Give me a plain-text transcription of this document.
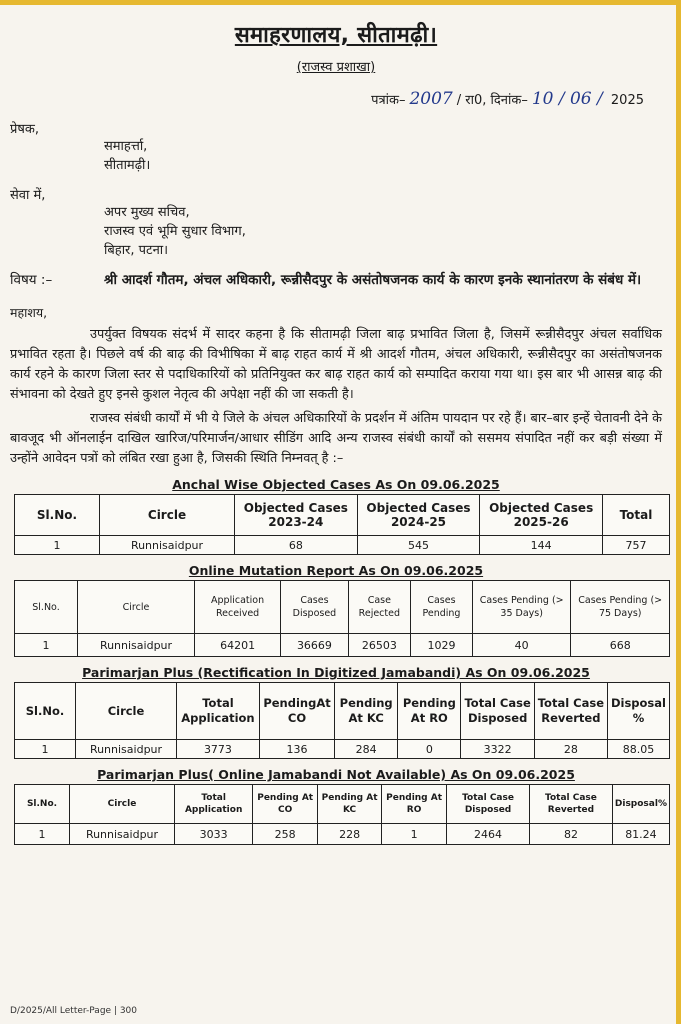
समाहरणालय, सीतामढ़ी।
(राजस्व प्रशाखा)
पत्रांक– 2007 / रा0, दिनांक– 10 / 06 / 2025
प्रेषक,
समाहर्त्ता,
सीतामढ़ी।
सेवा में,
अपर मुख्य सचिव,
राजस्व एवं भूमि सुधार विभाग,
बिहार, पटना।
विषय :–	श्री आदर्श गौतम, अंचल अधिकारी, रून्नीसैदपुर के असंतोषजनक कार्य के कारण इनके स्थानांतरण के संबंध में।
महाशय,

उपर्युक्त विषयक संदर्भ में सादर कहना है कि सीतामढ़ी जिला बाढ़ प्रभावित जिला है, जिसमें रून्नीसैदपुर अंचल सर्वाधिक प्रभावित रहता है। पिछले वर्ष की बाढ़ की विभीषिका में बाढ़ राहत कार्य में श्री आदर्श गौतम, अंचल अधिकारी, रून्नीसैदपुर का असंतोषजनक कार्य रहने के कारण जिला स्तर से पदाधिकारियों को प्रतिनियुक्त कर बाढ़ राहत कार्य को सम्पादित कराया गया था। इस बार भी आसन्न बाढ़ की संभावना को देखते हुए इनसे कुशल नेतृत्व की अपेक्षा नहीं की जा सकती है।

राजस्व संबंधी कार्यों में भी ये जिले के अंचल अधिकारियों के प्रदर्शन में अंतिम पायदान पर रहे हैं। बार–बार इन्हें चेतावनी देने के बावजूद भी ऑनलाईन दाखिल खारिज/परिमार्जन/आधार सीडिंग आदि अन्य राजस्व संबंधी कार्यों को ससमय संपादित नहीं कर बड़ी संख्या में उन्होंने आवेदन पत्रों को लंबित रखा हुआ है, जिसकी स्थिति निम्नवत् है :–

Anchal Wise Objected Cases As On 09.06.2025
Sl.No.	Circle	Objected Cases 2023-24	Objected Cases 2024-25	Objected Cases 2025-26	Total
1	Runnisaidpur	68	545	144	757
Online Mutation Report As On 09.06.2025
Sl.No.	Circle	Application Received	Cases Disposed	Case Rejected	Cases Pending	Cases Pending (> 35 Days)	Cases Pending (> 75 Days)
1	Runnisaidpur	64201	36669	26503	1029	40	668
Parimarjan Plus (Rectification In Digitized Jamabandi) As On 09.06.2025
Sl.No.	Circle	Total Application	PendingAt CO	Pending At KC	Pending At RO	Total Case Disposed	Total Case Reverted	Disposal %
1	Runnisaidpur	3773	136	284	0	3322	28	88.05
Parimarjan Plus( Online Jamabandi Not Available) As On 09.06.2025
Sl.No.	Circle	Total Application	Pending At CO	Pending At KC	Pending At RO	Total Case Disposed	Total Case Reverted	Disposal%
1	Runnisaidpur	3033	258	228	1	2464	82	81.24
D/2025/All Letter-Page | 300
